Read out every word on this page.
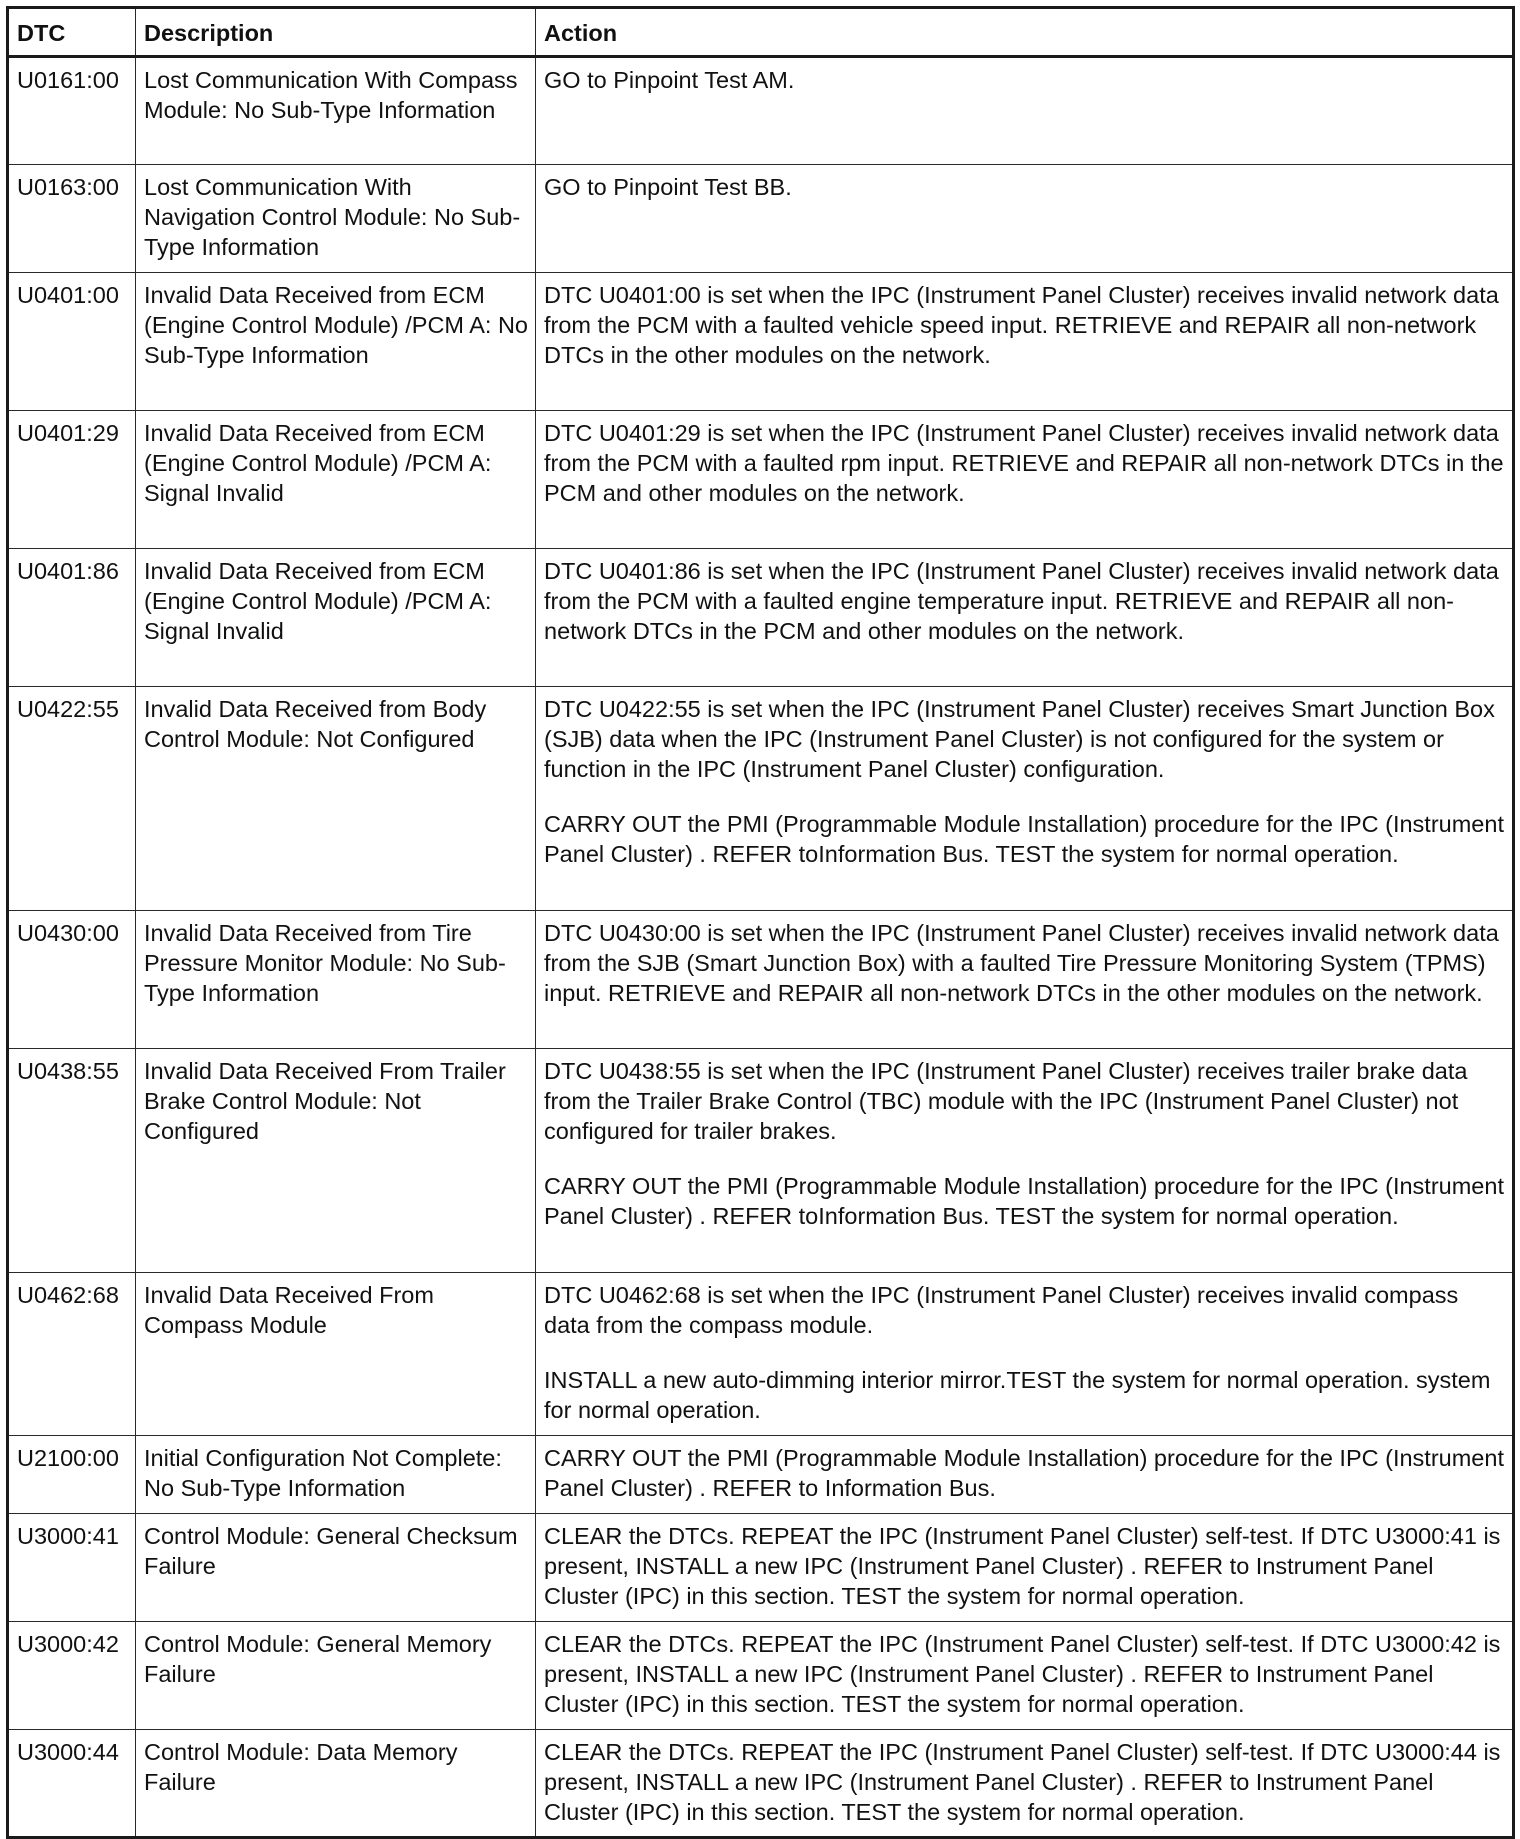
DTC	Description	Action
U0161:00	Lost Communication With Compass Module: No Sub-Type Information	GO to Pinpoint Test AM.

U0163:00	Lost Communication With Navigation Control Module: No Sub-Type Information	GO to Pinpoint Test BB.

U0401:00	Invalid Data Received from ECM (Engine Control Module) /PCM A: No Sub-Type Information	DTC U0401:00 is set when the IPC (Instrument Panel Cluster) receives invalid network data from the PCM with a faulted vehicle speed input. RETRIEVE and REPAIR all non-network DTCs in the other modules on the network.

U0401:29	Invalid Data Received from ECM (Engine Control Module) /PCM A: Signal Invalid	DTC U0401:29 is set when the IPC (Instrument Panel Cluster) receives invalid network data from the PCM with a faulted rpm input. RETRIEVE and REPAIR all non-network DTCs in the PCM and other modules on the network.

U0401:86	Invalid Data Received from ECM (Engine Control Module) /PCM A: Signal Invalid	DTC U0401:86 is set when the IPC (Instrument Panel Cluster) receives invalid network data from the PCM with a faulted engine temperature input. RETRIEVE and REPAIR all non-network DTCs in the PCM and other modules on the network.

U0422:55	Invalid Data Received from Body Control Module: Not Configured	DTC U0422:55 is set when the IPC (Instrument Panel Cluster) receives Smart Junction Box (SJB) data when the IPC (Instrument Panel Cluster) is not configured for the system or function in the IPC (Instrument Panel Cluster) configuration.
CARRY OUT the PMI (Programmable Module Installation) procedure for the IPC (Instrument Panel Cluster) . REFER toInformation Bus. TEST the system for normal operation.

U0430:00	Invalid Data Received from Tire Pressure Monitor Module: No Sub-Type Information	DTC U0430:00 is set when the IPC (Instrument Panel Cluster) receives invalid network data from the SJB (Smart Junction Box) with a faulted Tire Pressure Monitoring System (TPMS) input. RETRIEVE and REPAIR all non-network DTCs in the other modules on the network.

U0438:55	Invalid Data Received From Trailer Brake Control Module: Not Configured	DTC U0438:55 is set when the IPC (Instrument Panel Cluster) receives trailer brake data from the Trailer Brake Control (TBC) module with the IPC (Instrument Panel Cluster) not configured for trailer brakes.
CARRY OUT the PMI (Programmable Module Installation) procedure for the IPC (Instrument Panel Cluster) . REFER toInformation Bus. TEST the system for normal operation.

U0462:68	Invalid Data Received From Compass Module	DTC U0462:68 is set when the IPC (Instrument Panel Cluster) receives invalid compass data from the compass module.
INSTALL a new auto-dimming interior mirror.TEST the system for normal operation. system for normal operation.

U2100:00	Initial Configuration Not Complete: No Sub-Type Information	CARRY OUT the PMI (Programmable Module Installation) procedure for the IPC (Instrument Panel Cluster) . REFER to Information Bus.

U3000:41	Control Module: General Checksum Failure	CLEAR the DTCs. REPEAT the IPC (Instrument Panel Cluster) self-test. If DTC U3000:41 is present, INSTALL a new IPC (Instrument Panel Cluster) . REFER to Instrument Panel Cluster (IPC) in this section. TEST the system for normal operation.

U3000:42	Control Module: General Memory Failure	CLEAR the DTCs. REPEAT the IPC (Instrument Panel Cluster) self-test. If DTC U3000:42 is present, INSTALL a new IPC (Instrument Panel Cluster) . REFER to Instrument Panel Cluster (IPC) in this section. TEST the system for normal operation.

U3000:44	Control Module: Data Memory Failure	CLEAR the DTCs. REPEAT the IPC (Instrument Panel Cluster) self-test. If DTC U3000:44 is present, INSTALL a new IPC (Instrument Panel Cluster) . REFER to Instrument Panel Cluster (IPC) in this section. TEST the system for normal operation.
